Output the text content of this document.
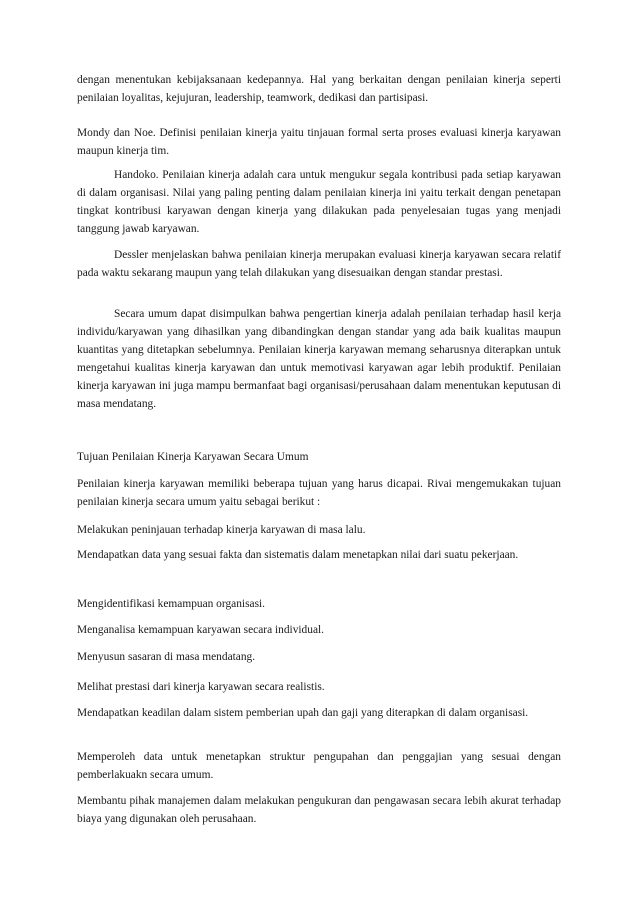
dengan menentukan kebijaksanaan kedepannya. Hal yang berkaitan dengan penilaian kinerja seperti penilaian loyalitas, kejujuran, leadership, teamwork, dedikasi dan partisipasi.

Mondy dan Noe. Definisi penilaian kinerja yaitu tinjauan formal serta proses evaluasi kinerja karyawan maupun kinerja tim.

Handoko. Penilaian kinerja adalah cara untuk mengukur segala kontribusi pada setiap karyawan di dalam organisasi. Nilai yang paling penting dalam penilaian kinerja ini yaitu terkait dengan penetapan tingkat kontribusi karyawan dengan kinerja yang dilakukan pada penyelesaian tugas yang menjadi tanggung jawab karyawan.

Dessler menjelaskan bahwa penilaian kinerja merupakan evaluasi kinerja karyawan secara relatif pada waktu sekarang maupun yang telah dilakukan yang disesuaikan dengan standar prestasi.

Secara umum dapat disimpulkan bahwa pengertian kinerja adalah penilaian terhadap hasil kerja individu/karyawan yang dihasilkan yang dibandingkan dengan standar yang ada baik kualitas maupun kuantitas yang ditetapkan sebelumnya. Penilaian kinerja karyawan memang seharusnya diterapkan untuk mengetahui kualitas kinerja karyawan dan untuk memotivasi karyawan agar lebih produktif. Penilaian kinerja karyawan ini juga mampu bermanfaat bagi organisasi/perusahaan dalam menentukan keputusan di masa mendatang.

Tujuan Penilaian Kinerja Karyawan Secara Umum

Penilaian kinerja karyawan memiliki beberapa tujuan yang harus dicapai. Rivai mengemukakan tujuan penilaian kinerja secara umum yaitu sebagai berikut :

Melakukan peninjauan terhadap kinerja karyawan di masa lalu.

Mendapatkan data yang sesuai fakta dan sistematis dalam menetapkan nilai dari suatu pekerjaan.

Mengidentifikasi kemampuan organisasi.

Menganalisa kemampuan karyawan secara individual.

Menyusun sasaran di masa mendatang.

Melihat prestasi dari kinerja karyawan secara realistis.

Mendapatkan keadilan dalam sistem pemberian upah dan gaji yang diterapkan di dalam organisasi.

Memperoleh data untuk menetapkan struktur pengupahan dan penggajian yang sesuai dengan pemberlakuakn secara umum.

Membantu pihak manajemen dalam melakukan pengukuran dan pengawasan secara lebih akurat terhadap biaya yang digunakan oleh perusahaan.
